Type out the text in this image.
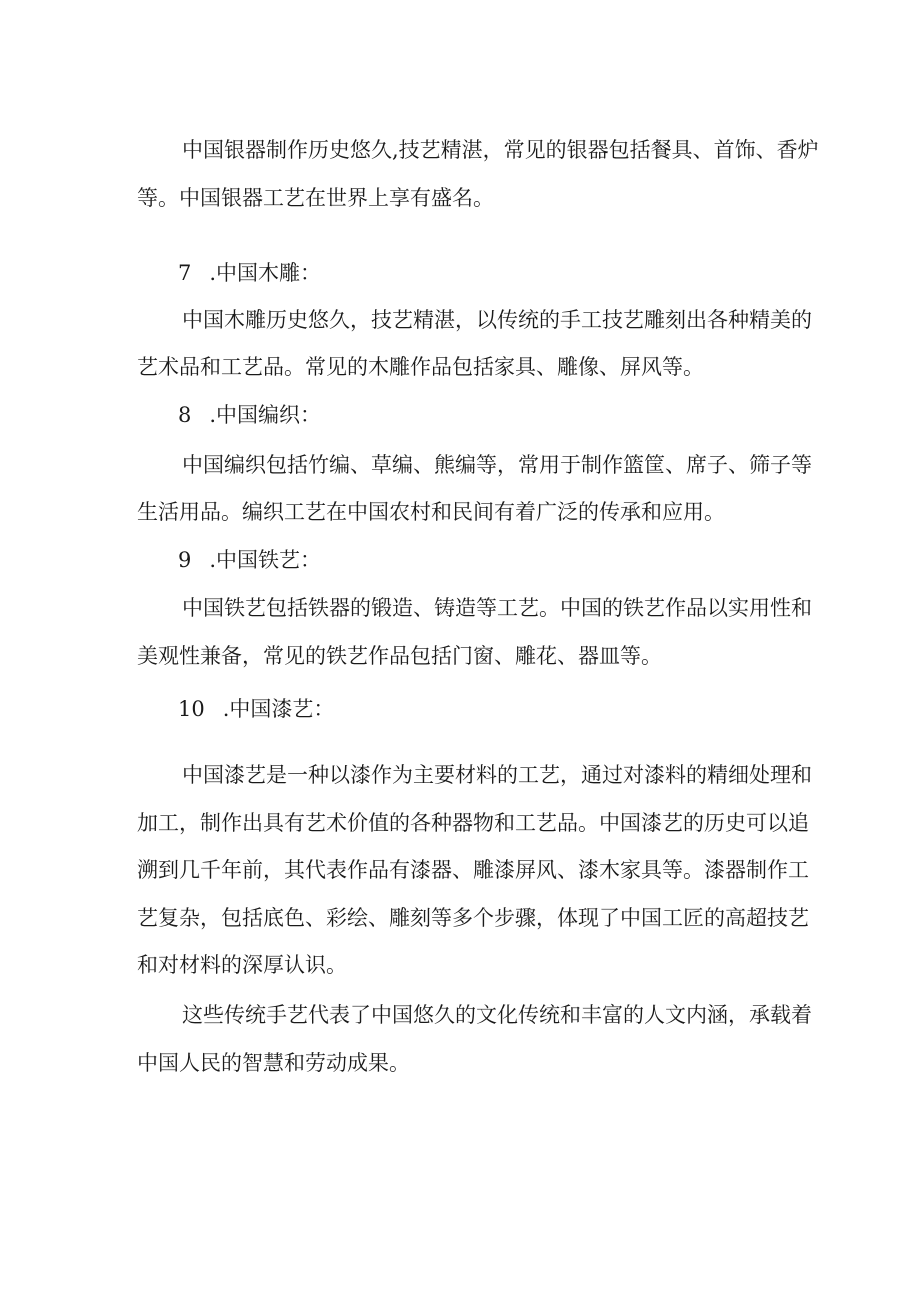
中国银器制作历史悠久,技艺精湛，常见的银器包括餐具、首饰、香炉

等。中国银器工艺在世界上享有盛名。

7 .中国木雕：

中国木雕历史悠久，技艺精湛，以传统的手工技艺雕刻出各种精美的

艺术品和工艺品。常见的木雕作品包括家具、雕像、屏风等。

8 .中国编织：

中国编织包括竹编、草编、熊编等，常用于制作篮筐、席子、筛子等

生活用品。编织工艺在中国农村和民间有着广泛的传承和应用。

9 .中国铁艺：

中国铁艺包括铁器的锻造、铸造等工艺。中国的铁艺作品以实用性和

美观性兼备，常见的铁艺作品包括门窗、雕花、器皿等。

10 .中国漆艺：

中国漆艺是一种以漆作为主要材料的工艺，通过对漆料的精细处理和

加工，制作出具有艺术价值的各种器物和工艺品。中国漆艺的历史可以追

溯到几千年前，其代表作品有漆器、雕漆屏风、漆木家具等。漆器制作工

艺复杂，包括底色、彩绘、雕刻等多个步骤，体现了中国工匠的高超技艺

和对材料的深厚认识。

这些传统手艺代表了中国悠久的文化传统和丰富的人文内涵，承载着

中国人民的智慧和劳动成果。
